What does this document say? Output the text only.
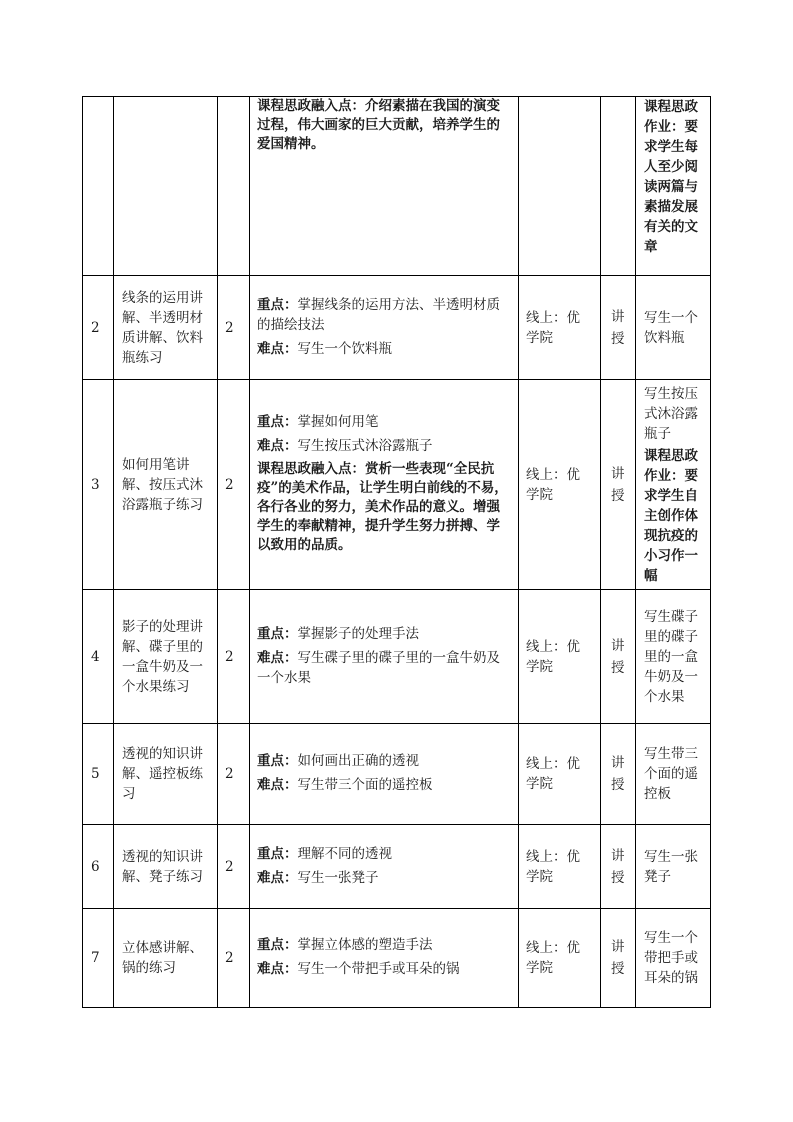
			课程思政融入点：介绍素描在我国的演变过程，伟大画家的巨大贡献，培养学生的爱国精神。			课程思政作业：要求学生每人至少阅读两篇与素描发展有关的文章

2	线条的运用讲解、半透明材质讲解、饮料瓶练习	2	重点：掌握线条的运用方法、半透明材质的描绘技法
难点：写生一个饮料瓶	线上：优学院	讲授	写生一个饮料瓶
3	如何用笔讲解、按压式沐浴露瓶子练习	2	重点：掌握如何用笔
难点：写生按压式沐浴露瓶子
课程思政融入点：赏析一些表现“全民抗疫”的美术作品，让学生明白前线的不易，各行各业的努力，美术作品的意义。增强学生的奉献精神，提升学生努力拼搏、学以致用的品质。	线上：优学院	讲授	写生按压式沐浴露瓶子
课程思政作业：要求学生自主创作体现抗疫的小习作一幅

4	影子的处理讲解、碟子里的一盒牛奶及一个水果练习	2	重点：掌握影子的处理手法
难点：写生碟子里的碟子里的一盒牛奶及一个水果	线上：优学院	讲授	写生碟子里的碟子里的一盒牛奶及一个水果
5	透视的知识讲解、遥控板练习	2	重点：如何画出正确的透视
难点：写生带三个面的遥控板	线上：优学院	讲授	写生带三个面的遥控板
6	透视的知识讲解、凳子练习	2	重点：理解不同的透视
难点：写生一张凳子	线上：优学院	讲授	写生一张凳子
7	立体感讲解、锅的练习	2	重点：掌握立体感的塑造手法
难点：写生一个带把手或耳朵的锅	线上：优学院	讲授	写生一个带把手或耳朵的锅
